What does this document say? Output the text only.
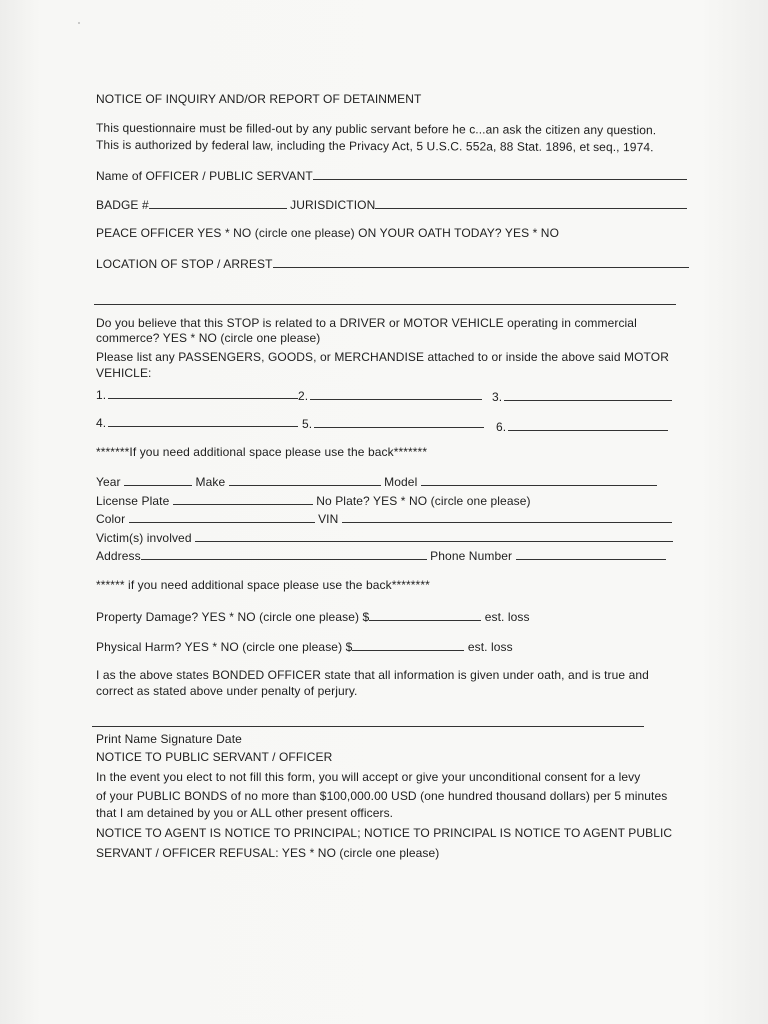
NOTICE OF INQUIRY AND/OR REPORT OF DETAINMENT
This questionnaire must be filled-out by any public servant before he c...an ask the citizen any question.
This is authorized by federal law, including the Privacy Act, 5 U.S.C. 552a, 88 Stat. 1896, et seq., 1974.
Name of OFFICER / PUBLIC SERVANT
BADGE #	JURISDICTION
PEACE OFFICER YES * NO (circle one please) ON YOUR OATH TODAY? YES * NO
LOCATION OF STOP / ARREST
Do you believe that this STOP is related to a DRIVER or MOTOR VEHICLE operating in commercial
commerce? YES * NO (circle one please)
Please list any PASSENGERS, GOODS, or MERCHANDISE attached to or inside the above said MOTOR
VEHICLE:
1.	2.	3.
4.	5.	6.
*******If you need additional space please use the back*******
Year	Make	Model
License Plate	No Plate? YES * NO (circle one please)
Color	VIN
Victim(s) involved
Address	Phone Number
****** if you need additional space please use the back********
Property Damage? YES * NO (circle one please) $	est. loss
Physical Harm? YES * NO (circle one please) $	est. loss
I as the above states BONDED OFFICER state that all information is given under oath, and is true and
correct as stated above under penalty of perjury.
Print Name Signature Date
NOTICE TO PUBLIC SERVANT / OFFICER
In the event you elect to not fill this form, you will accept or give your unconditional consent for a levy
of your PUBLIC BONDS of no more than $100,000.00 USD (one hundred thousand dollars) per 5 minutes
that I am detained by you or ALL other present officers.
NOTICE TO AGENT IS NOTICE TO PRINCIPAL; NOTICE TO PRINCIPAL IS NOTICE TO AGENT PUBLIC
SERVANT / OFFICER REFUSAL: YES * NO (circle one please)
